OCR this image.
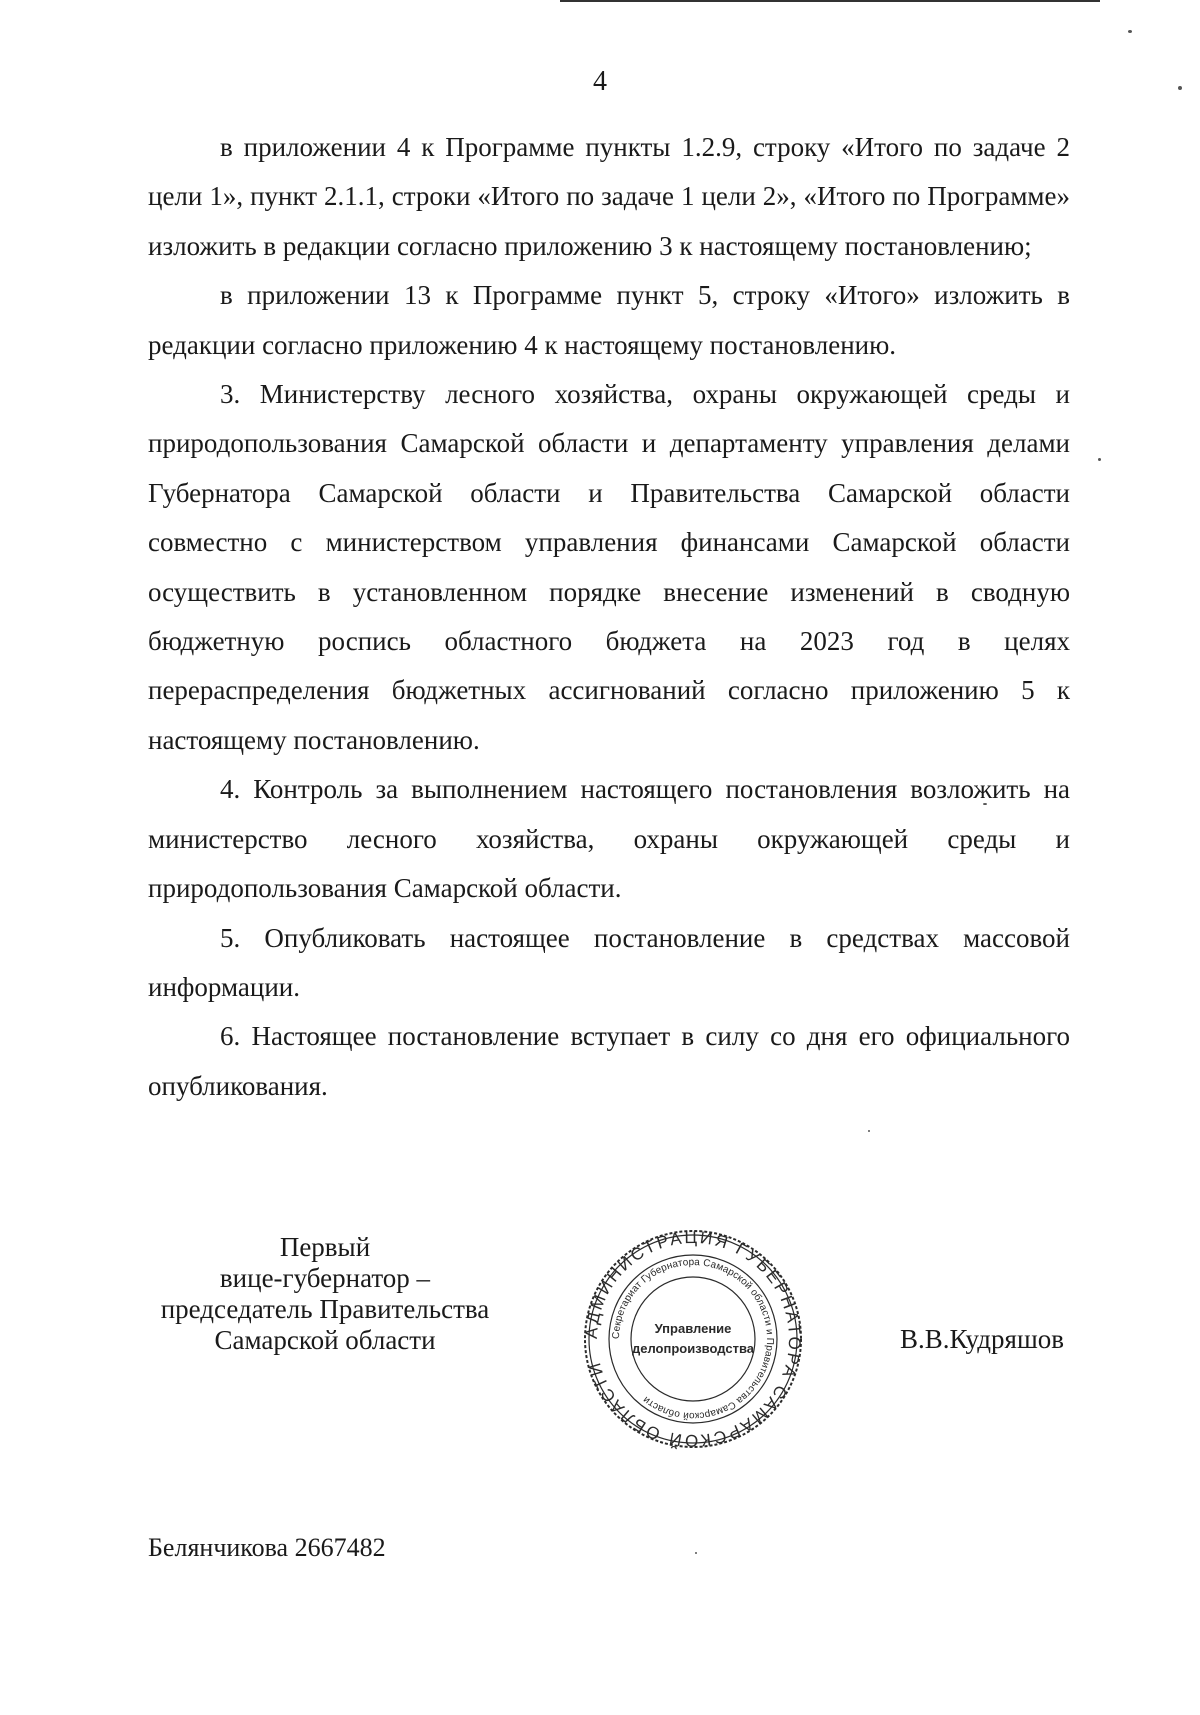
4

в приложении 4 к Программе пункты 1.2.9, строку «Итого по задаче 2 цели 1», пункт 2.1.1, строки «Итого по задаче 1 цели 2», «Итого по Программе» изложить в редакции согласно приложению 3 к настоящему постановлению;

в приложении 13 к Программе пункт 5, строку «Итого» изложить в редакции согласно приложению 4 к настоящему постановлению.

3. Министерству лесного хозяйства, охраны окружающей среды и природопользования Самарской области и департаменту управления делами Губернатора Самарской области и Правительства Самарской области совместно с министерством управления финансами Самарской области осуществить в установленном порядке внесение изменений в сводную бюджетную роспись областного бюджета на 2023 год в целях перераспределения бюджетных ассигнований согласно приложению 5 к настоящему постановлению.

4. Контроль за выполнением настоящего постановления возложить на министерство лесного хозяйства, охраны окружающей среды и природопользования Самарской области.

5. Опубликовать настоящее постановление в средствах массовой информации.

6. Настоящее постановление вступает в силу со дня его официального опубликования.

Первый
вице-губернатор –
председатель Правительства
Самарской области	АДМИНИСТРАЦИЯ ГУБЕРНАТОРА САМАРСКОЙ ОБЛАСТИ
Секретариат Губернатора Самарской области и Правительства Самарской области
Управление
делопроизводства	В.В.Кудряшов
Белянчикова 2667482
